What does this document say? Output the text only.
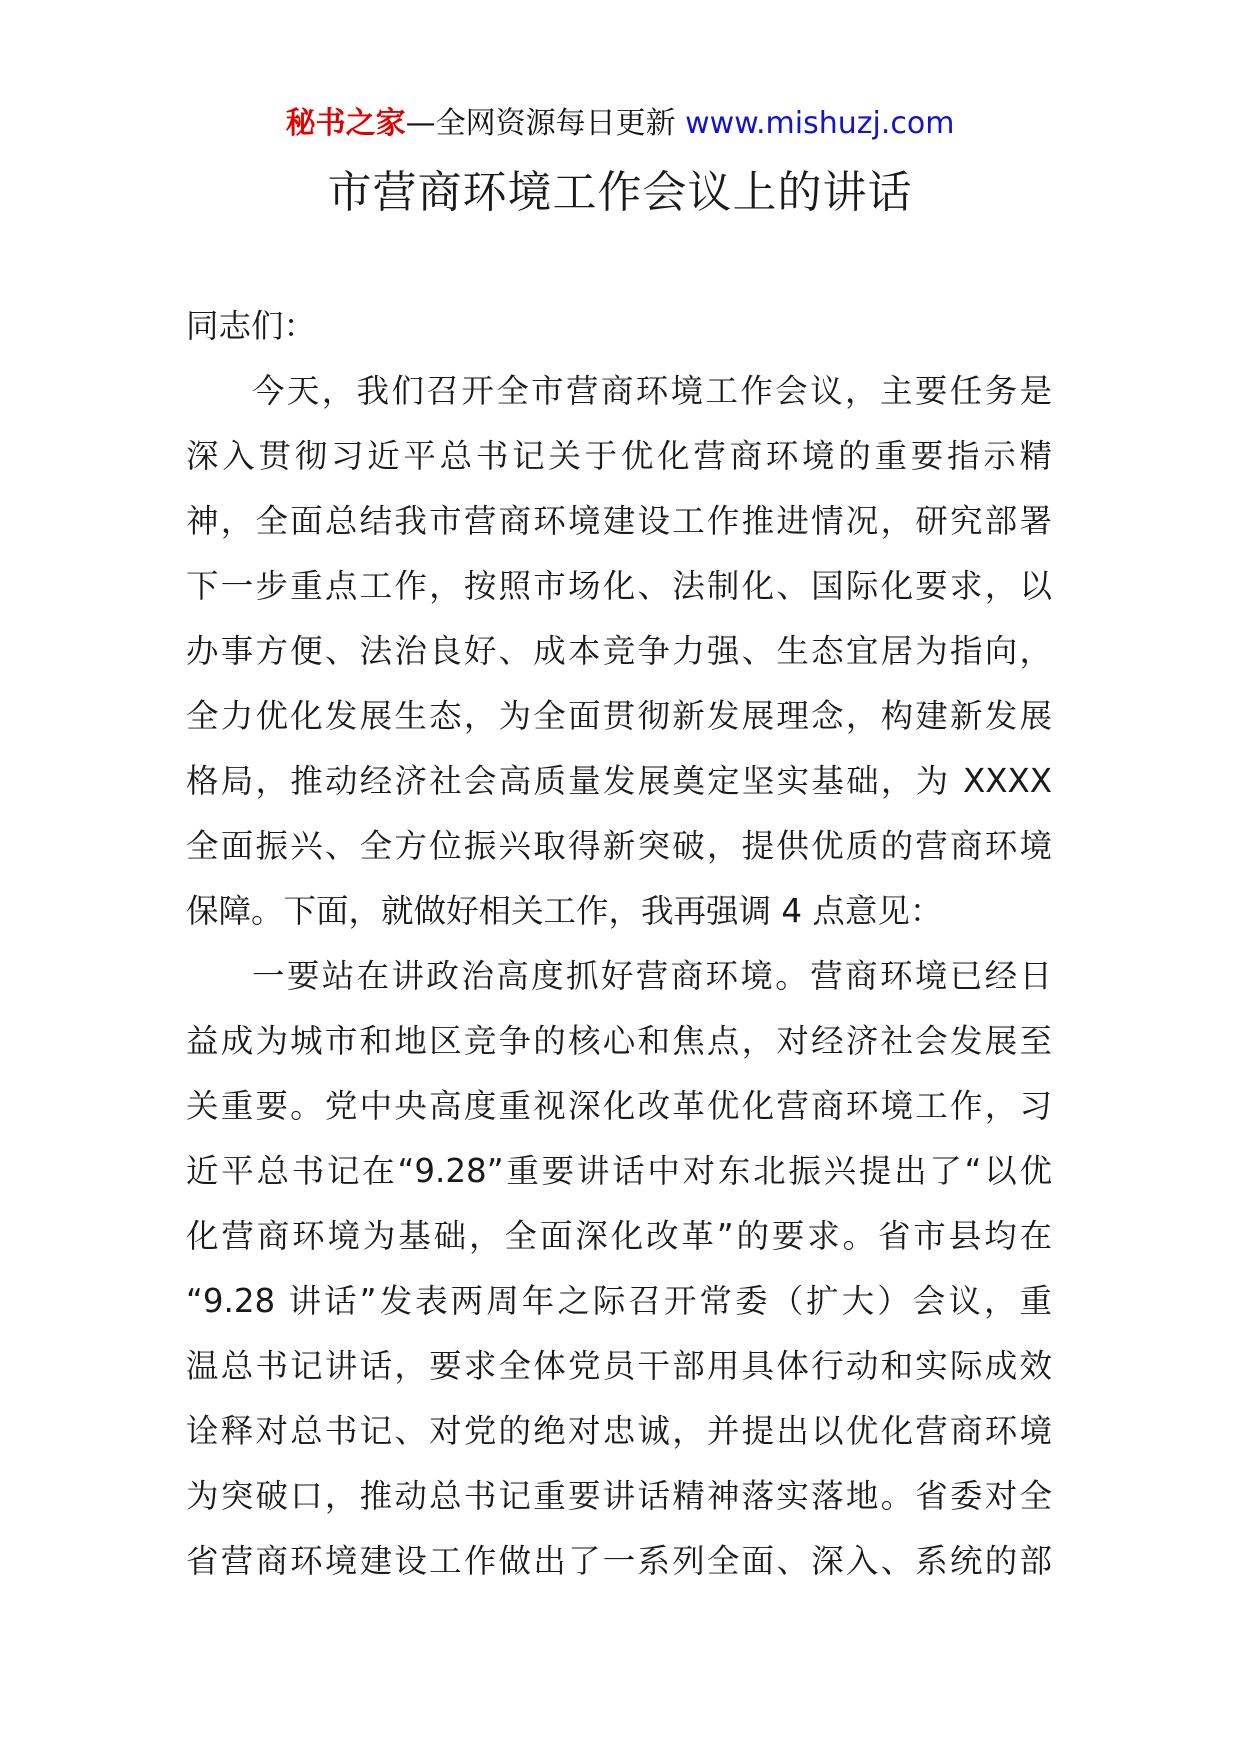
秘书之家—全网资源每日更新 www.mishuzj.com
市营商环境工作会议上的讲话
同志们：
今天，我们召开全市营商环境工作会议，主要任务是
深入贯彻习近平总书记关于优化营商环境的重要指示精
神，全面总结我市营商环境建设工作推进情况，研究部署
下一步重点工作，按照市场化、法制化、国际化要求，以
办事方便、法治良好、成本竞争力强、生态宜居为指向，
全力优化发展生态，为全面贯彻新发展理念，构建新发展
格局，推动经济社会高质量发展奠定坚实基础，为 XXXX
全面振兴、全方位振兴取得新突破，提供优质的营商环境
保障。下面，就做好相关工作，我再强调 4 点意见：
一要站在讲政治高度抓好营商环境。营商环境已经日
益成为城市和地区竞争的核心和焦点，对经济社会发展至
关重要。党中央高度重视深化改革优化营商环境工作，习
近平总书记在“9.28”重要讲话中对东北振兴提出了“以优
化营商环境为基础，全面深化改革”的要求。省市县均在
“9.28 讲话”发表两周年之际召开常委（扩大）会议，重
温总书记讲话，要求全体党员干部用具体行动和实际成效
诠释对总书记、对党的绝对忠诚，并提出以优化营商环境
为突破口，推动总书记重要讲话精神落实落地。省委对全
省营商环境建设工作做出了一系列全面、深入、系统的部
